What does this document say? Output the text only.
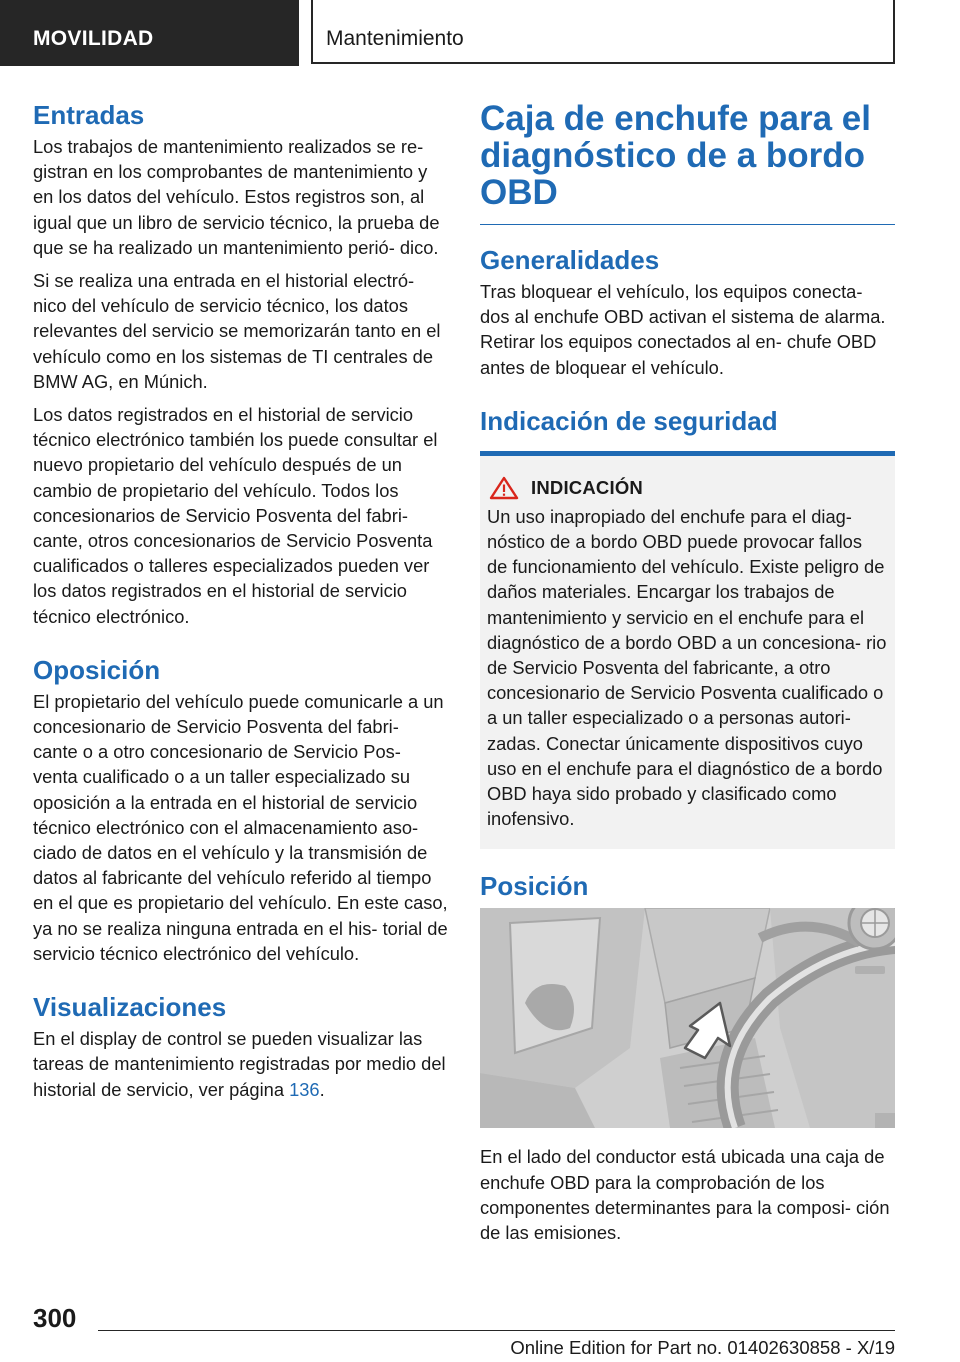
MOVILIDAD	Mantenimiento
Entradas

Los trabajos de mantenimiento realizados se re‐ gistran en los comprobantes de mantenimiento y en los datos del vehículo. Estos registros son, al igual que un libro de servicio técnico, la prueba de que se ha realizado un mantenimiento perió‐ dico.

Si se realiza una entrada en el historial electró‐ nico del vehículo de servicio técnico, los datos relevantes del servicio se memorizarán tanto en el vehículo como en los sistemas de TI centrales de BMW AG, en Múnich.

Los datos registrados en el historial de servicio técnico electrónico también los puede consultar el nuevo propietario del vehículo después de un cambio de propietario del vehículo. Todos los concesionarios de Servicio Posventa del fabri‐ cante, otros concesionarios de Servicio Posventa cualificados o talleres especializados pueden ver los datos registrados en el historial de servicio técnico electrónico.

Oposición

El propietario del vehículo puede comunicarle a un concesionario de Servicio Posventa del fabri‐ cante o a otro concesionario de Servicio Pos‐ venta cualificado o a un taller especializado su oposición a la entrada en el historial de servicio técnico electrónico con el almacenamiento aso‐ ciado de datos en el vehículo y la transmisión de datos al fabricante del vehículo referido al tiempo en el que es propietario del vehículo. En este caso, ya no se realiza ninguna entrada en el his‐ torial de servicio técnico electrónico del vehículo.

Visualizaciones

En el display de control se pueden visualizar las tareas de mantenimiento registradas por medio del historial de servicio, ver página 136.

Caja de enchufe para el diagnóstico de a bordo OBD
Generalidades

Tras bloquear el vehículo, los equipos conecta‐ dos al enchufe OBD activan el sistema de alarma. Retirar los equipos conectados al en‐ chufe OBD antes de bloquear el vehículo.

Indicación de seguridad
INDICACIÓN

Un uso inapropiado del enchufe para el diag‐ nóstico de a bordo OBD puede provocar fallos de funcionamiento del vehículo. Existe peligro de daños materiales. Encargar los trabajos de mantenimiento y servicio en el enchufe para el diagnóstico de a bordo OBD a un concesiona‐ rio de Servicio Posventa del fabricante, a otro concesionario de Servicio Posventa cualificado o a un taller especializado o a personas autori‐ zadas. Conectar únicamente dispositivos cuyo uso en el enchufe para el diagnóstico de a bordo OBD haya sido probado y clasificado como inofensivo.

Posición

En el lado del conductor está ubicada una caja de enchufe OBD para la comprobación de los componentes determinantes para la composi‐ ción de las emisiones.

300
Online Edition for Part no. 01402630858 - X/19
